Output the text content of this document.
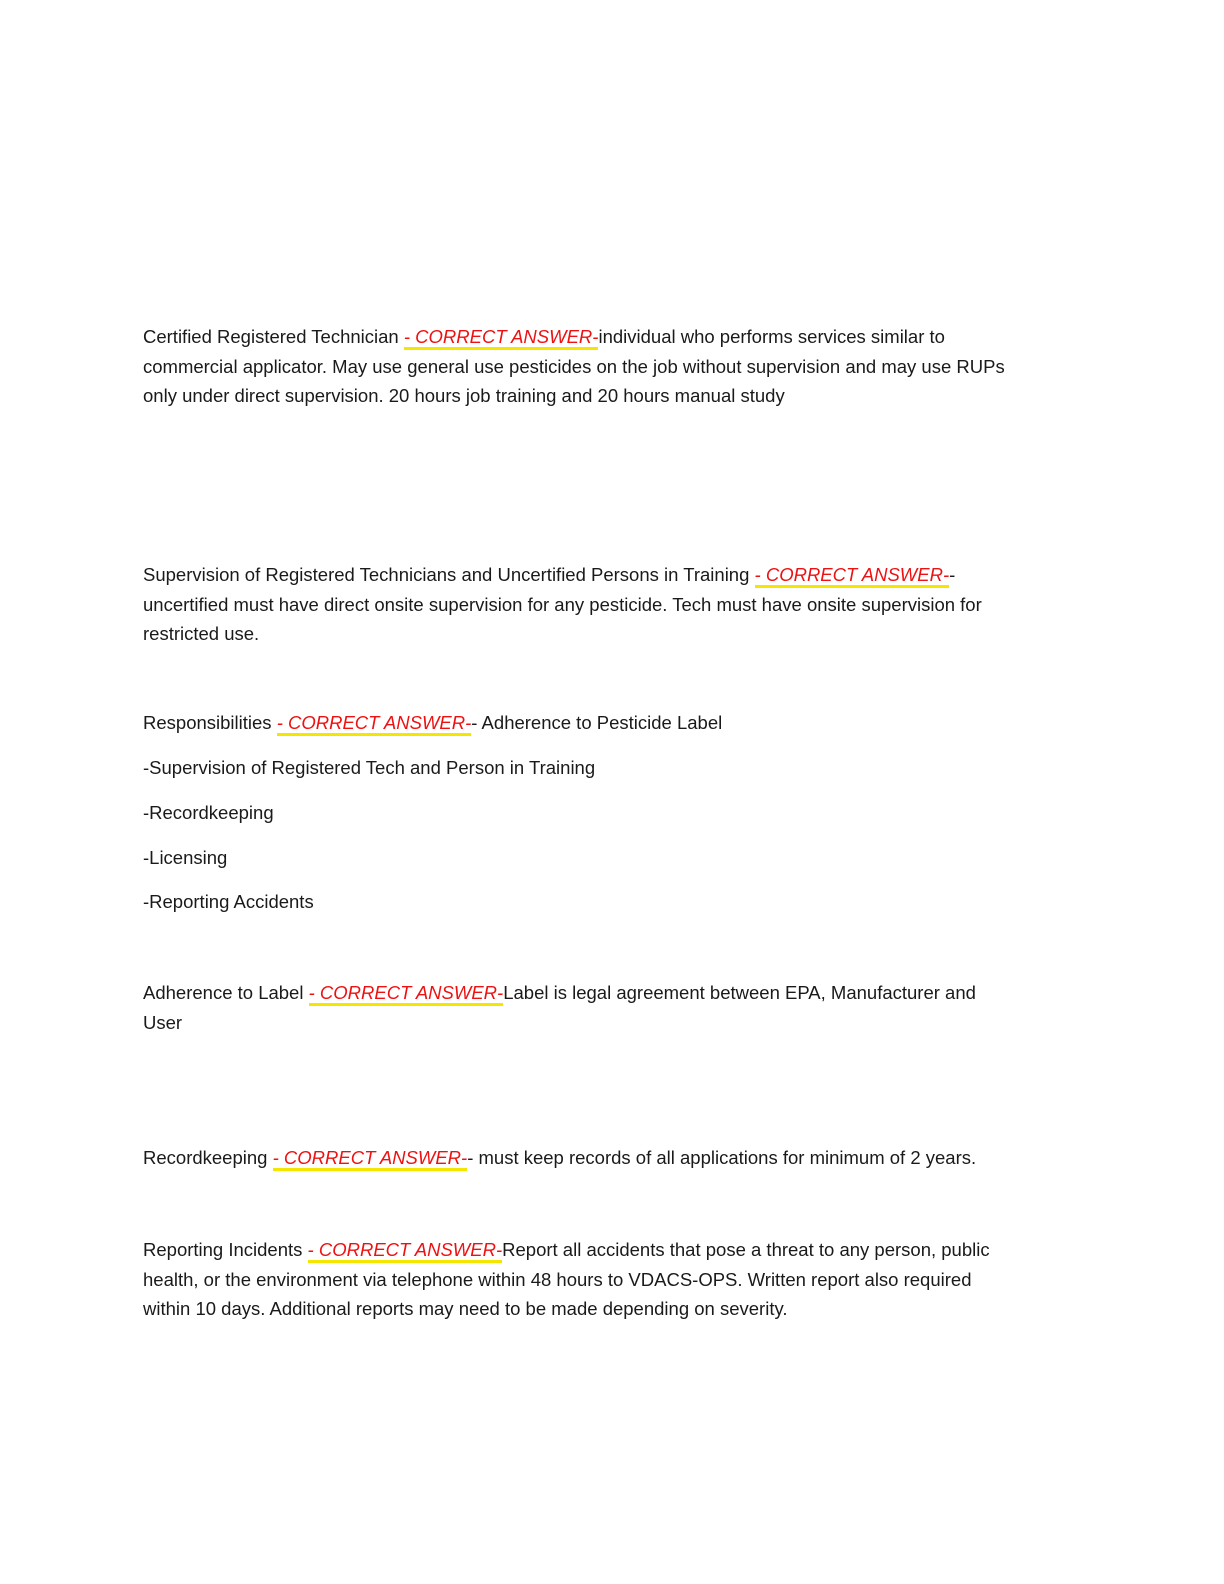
Certified Registered Technician - CORRECT ANSWER-individual who performs services similar to
commercial applicator. May use general use pesticides on the job without supervision and may use RUPs
only under direct supervision. 20 hours job training and 20 hours manual study
Supervision of Registered Technicians and Uncertified Persons in Training - CORRECT ANSWER--
uncertified must have direct onsite supervision for any pesticide. Tech must have onsite supervision for
restricted use.
Responsibilities - CORRECT ANSWER-- Adherence to Pesticide Label
-Supervision of Registered Tech and Person in Training
-Recordkeeping
-Licensing
-Reporting Accidents
Adherence to Label - CORRECT ANSWER-Label is legal agreement between EPA, Manufacturer and
User
Recordkeeping - CORRECT ANSWER-- must keep records of all applications for minimum of 2 years.
Reporting Incidents - CORRECT ANSWER-Report all accidents that pose a threat to any person, public
health, or the environment via telephone within 48 hours to VDACS-OPS. Written report also required
within 10 days. Additional reports may need to be made depending on severity.
